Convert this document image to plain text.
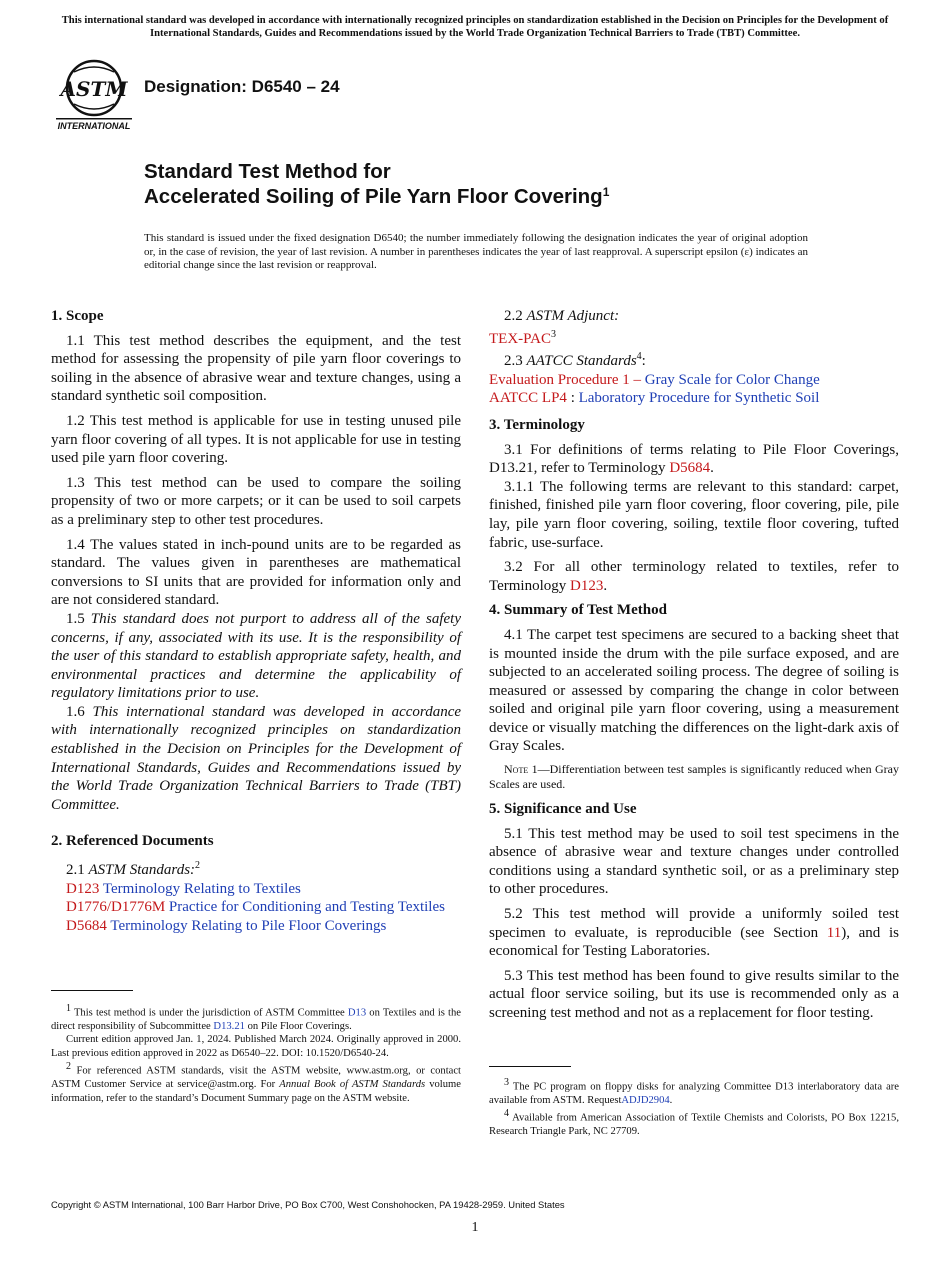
This international standard was developed in accordance with internationally recognized principles on standardization established in the Decision on Principles for the Development of International Standards, Guides and Recommendations issued by the World Trade Organization Technical Barriers to Trade (TBT) Committee.
ASTM
INTERNATIONAL
Designation: D6540 – 24
Standard Test Method for
Accelerated Soiling of Pile Yarn Floor Covering$^1$
This standard is issued under the fixed designation D6540; the number immediately following the designation indicates the year of original adoption or, in the case of revision, the year of last revision. A number in parentheses indicates the year of last reapproval. A superscript epsilon (ε) indicates an editorial change since the last revision or reapproval.
1. Scope

1.1 This test method describes the equipment, and the test method for assessing the propensity of pile yarn floor coverings to soiling in the absence of abrasive wear and texture changes, using a standard synthetic soil composition.

1.2 This test method is applicable for use in testing unused pile yarn floor covering of all types. It is not applicable for use in testing used pile yarn floor covering.

1.3 This test method can be used to compare the soiling propensity of two or more carpets; or it can be used to soil carpets as a preliminary step to other test procedures.

1.4 The values stated in inch-pound units are to be regarded as standard. The values given in parentheses are mathematical conversions to SI units that are provided for information only and are not considered standard.

1.5 This standard does not purport to address all of the safety concerns, if any, associated with its use. It is the responsibility of the user of this standard to establish appropriate safety, health, and environmental practices and determine the applicability of regulatory limitations prior to use.

1.6 This international standard was developed in accordance with internationally recognized principles on standardization established in the Decision on Principles for the Development of International Standards, Guides and Recommendations issued by the World Trade Organization Technical Barriers to Trade (TBT) Committee.

2. Referenced Documents

2.1 ASTM Standards:$^2$

D123 Terminology Relating to Textiles

D1776/D1776M Practice for Conditioning and Testing Textiles

D5684 Terminology Relating to Pile Floor Coverings

$^1$ This test method is under the jurisdiction of ASTM Committee D13 on Textiles and is the direct responsibility of Subcommittee D13.21 on Pile Floor Coverings.

Current edition approved Jan. 1, 2024. Published March 2024. Originally approved in 2000. Last previous edition approved in 2022 as D6540–22. DOI: 10.1520/D6540-24.

$^2$ For referenced ASTM standards, visit the ASTM website, www.astm.org, or contact ASTM Customer Service at service@astm.org. For Annual Book of ASTM Standards volume information, refer to the standard’s Document Summary page on the ASTM website.

2.2 ASTM Adjunct:

TEX-PAC$^3$

2.3 AATCC Standards$^4$:

Evaluation Procedure 1 – Gray Scale for Color Change

AATCC LP4 : Laboratory Procedure for Synthetic Soil

3. Terminology

3.1 For definitions of terms relating to Pile Floor Coverings, D13.21, refer to Terminology D5684.

3.1.1 The following terms are relevant to this standard: carpet, finished, finished pile yarn floor covering, floor covering, pile, pile lay, pile yarn floor covering, soiling, textile floor covering, tufted fabric, use-surface.

3.2 For all other terminology related to textiles, refer to Terminology D123.

4. Summary of Test Method

4.1 The carpet test specimens are secured to a backing sheet that is mounted inside the drum with the pile surface exposed, and are subjected to an accelerated soiling process. The degree of soiling is measured or assessed by comparing the change in color between soiled and original pile yarn floor covering, using a measurement device or visually matching the differences on the light-dark axis of Gray Scales.

Note 1—Differentiation between test samples is significantly reduced when Gray Scales are used.

5. Significance and Use

5.1 This test method may be used to soil test specimens in the absence of abrasive wear and texture changes under controlled conditions using a standard synthetic soil, or as a preliminary step to other procedures.

5.2 This test method will provide a uniformly soiled test specimen to evaluate, is reproducible (see Section 11), and is economical for Testing Laboratories.

5.3 This test method has been found to give results similar to the actual floor service soiling, but its use is recommended only as a screening test method and not as a replacement for floor testing.

$^3$ The PC program on floppy disks for analyzing Committee D13 interlaboratory data are available from ASTM. RequestADJD2904.

$^4$ Available from American Association of Textile Chemists and Colorists, PO Box 12215, Research Triangle Park, NC 27709.

Copyright © ASTM International, 100 Barr Harbor Drive, PO Box C700, West Conshohocken, PA 19428-2959. United States
1
